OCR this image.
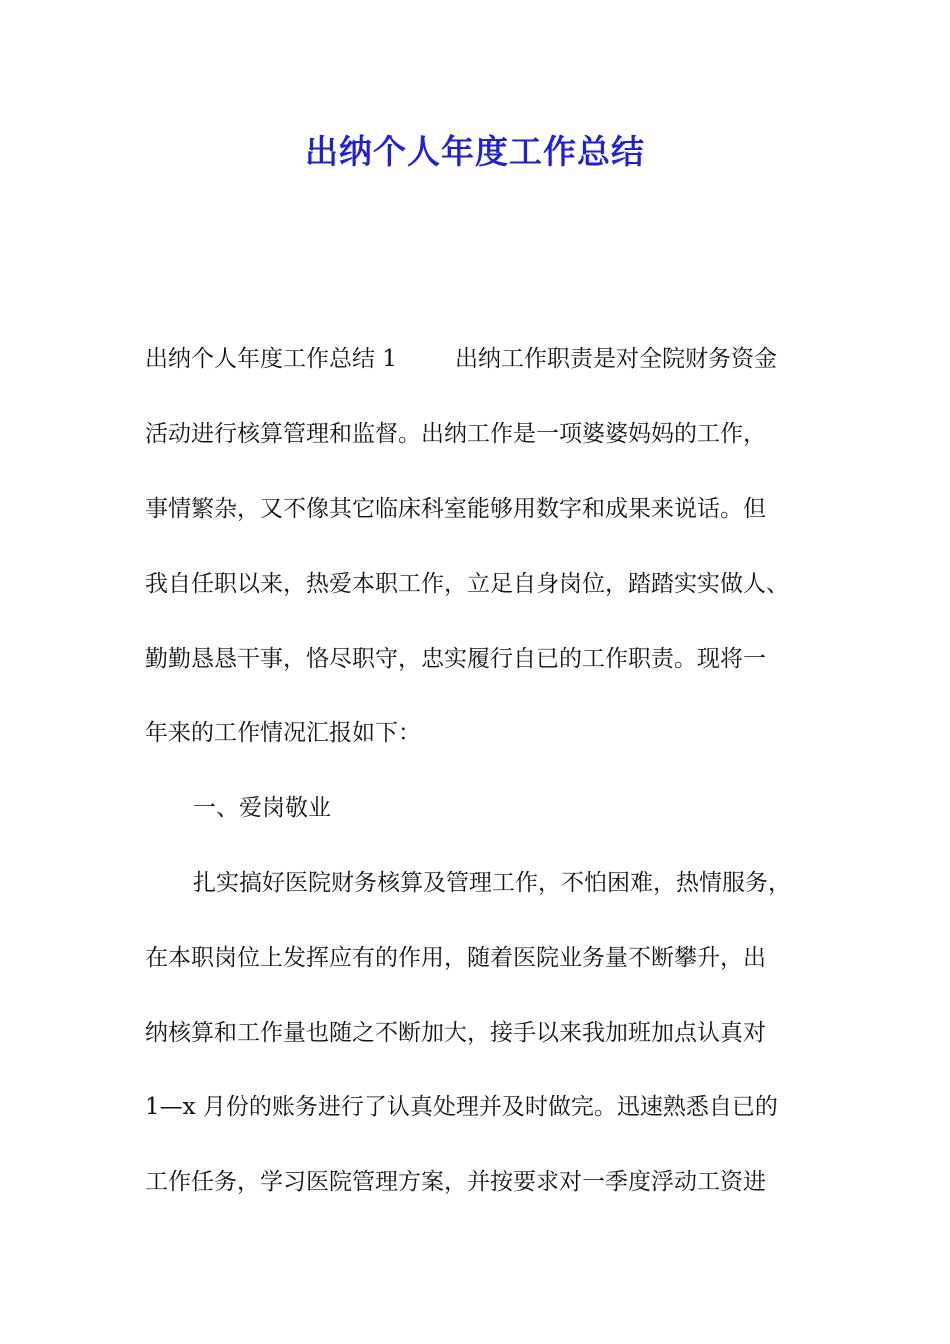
出纳个人年度工作总结

出纳个人年度工作总结 1	出纳工作职责是对全院财务资金

活动进行核算管理和监督。出纳工作是一项婆婆妈妈的工作，

事情繁杂，又不像其它临床科室能够用数字和成果来说话。但

我自任职以来，热爱本职工作，立足自身岗位，踏踏实实做人、

勤勤恳恳干事，恪尽职守，忠实履行自已的工作职责。现将一

年来的工作情况汇报如下：

一、爱岗敬业

扎实搞好医院财务核算及管理工作，不怕困难，热情服务，

在本职岗位上发挥应有的作用，随着医院业务量不断攀升，出

纳核算和工作量也随之不断加大，接手以来我加班加点认真对

1—x 月份的账务进行了认真处理并及时做完。迅速熟悉自已的

工作任务，学习医院管理方案，并按要求对一季度浮动工资进
